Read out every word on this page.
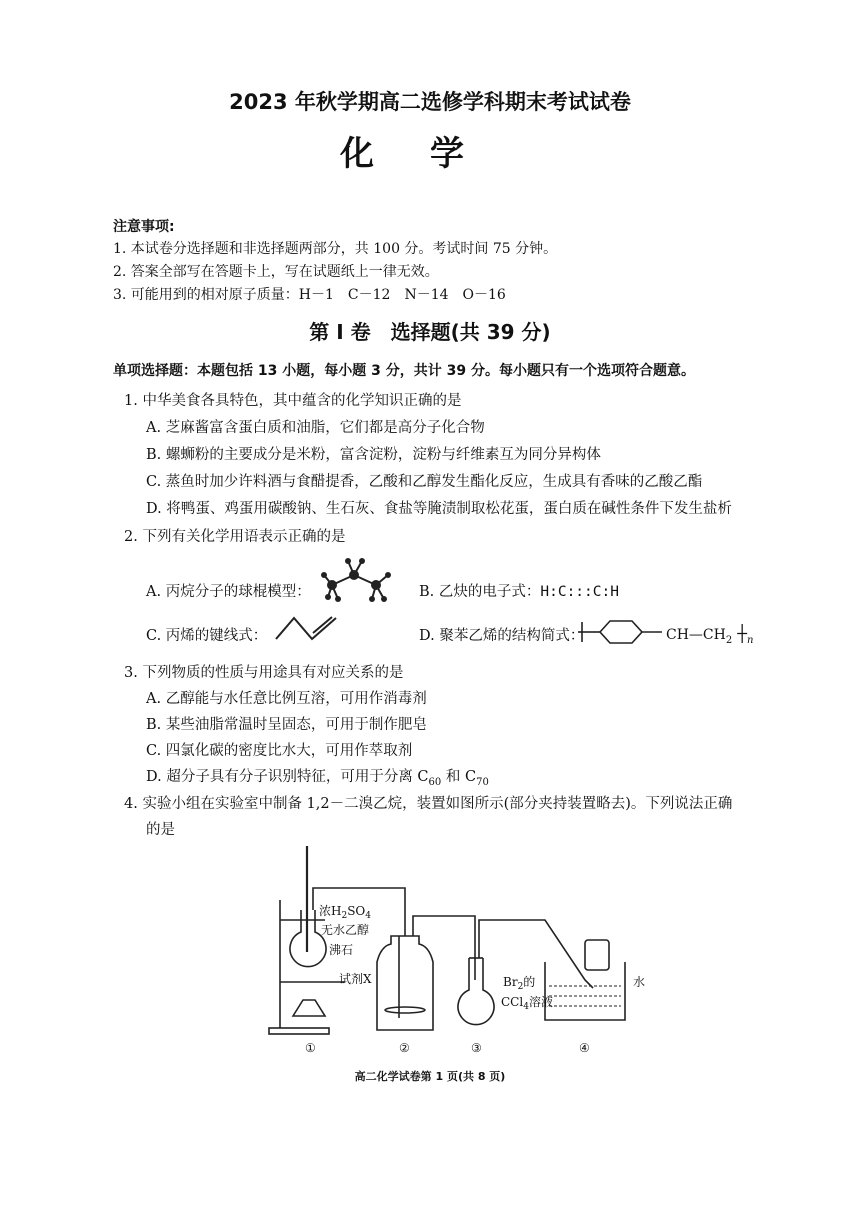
2023 年秋学期高二选修学科期末考试试卷
化学
注意事项:
1. 本试卷分选择题和非选择题两部分，共 100 分。考试时间 75 分钟。
2. 答案全部写在答题卡上，写在试题纸上一律无效。
3. 可能用到的相对原子质量：H－1　C－12　N－14　O－16
第 I 卷　选择题(共 39 分)
单项选择题：本题包括 13 小题，每小题 3 分，共计 39 分。每小题只有一个选项符合题意。
1. 中华美食各具特色，其中蕴含的化学知识正确的是
A. 芝麻酱富含蛋白质和油脂，它们都是高分子化合物
B. 螺蛳粉的主要成分是米粉，富含淀粉，淀粉与纤维素互为同分异构体
C. 蒸鱼时加少许料酒与食醋提香，乙酸和乙醇发生酯化反应，生成具有香味的乙酸乙酯
D. 将鸭蛋、鸡蛋用碳酸钠、生石灰、食盐等腌渍制取松花蛋，蛋白质在碱性条件下发生盐析
2. 下列有关化学用语表示正确的是
A. 丙烷分子的球棍模型：	B. 乙炔的电子式：H:C:::C:H
C. 丙烯的键线式：	D. 聚苯乙烯的结构简式：	$CH—CH_2$ $┼_n$
3. 下列物质的性质与用途具有对应关系的是
A. 乙醇能与水任意比例互溶，可用作消毒剂
B. 某些油脂常温时呈固态，可用于制作肥皂
C. 四氯化碳的密度比水大，可用作萃取剂
D. 超分子具有分子识别特征，可用于分离 $C_{60}$ 和 $C_{70}$
4. 实验小组在实验室中制备 1,2－二溴乙烷，装置如图所示(部分夹持装置略去)。下列说法正确
的是
浓$H_2SO_4$
无水乙醇
沸石
试剂X	$Br_2$的
CCl$_4$溶液
水
①	②	③	④
高二化学试卷第 1 页(共 8 页)
